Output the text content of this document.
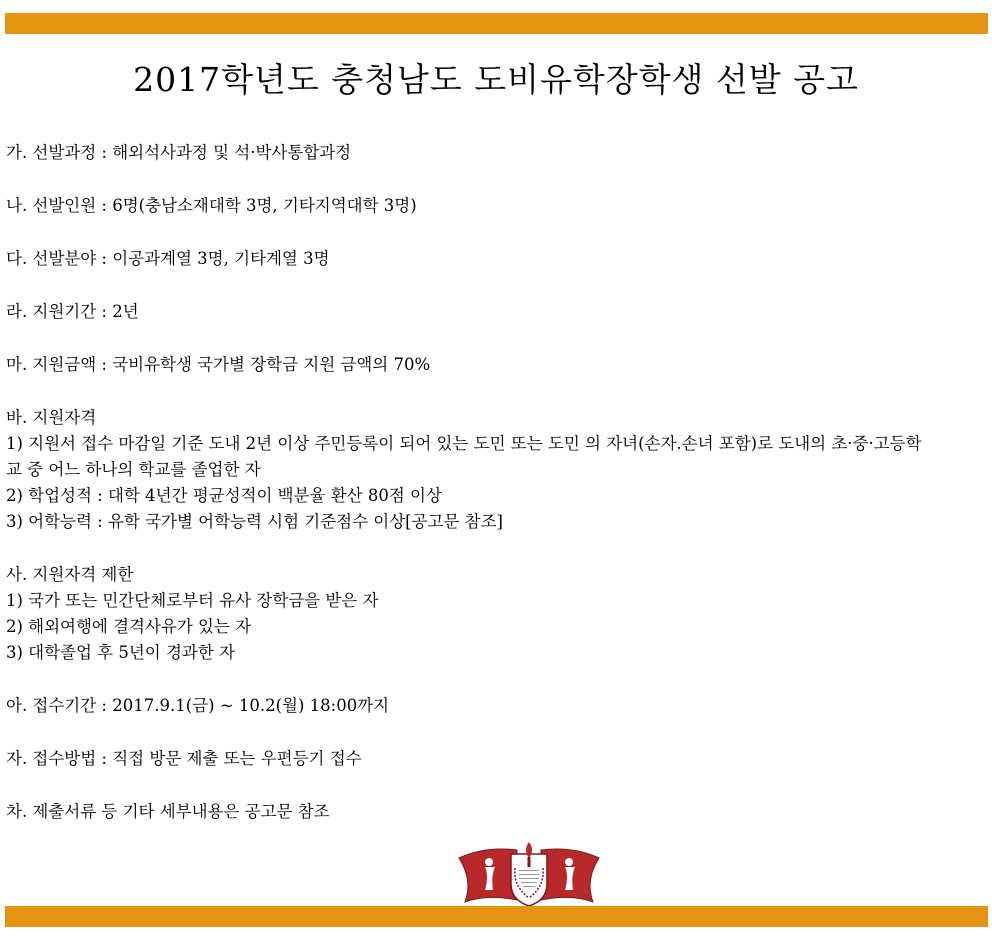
2017학년도 충청남도 도비유학장학생 선발 공고
가. 선발과정 : 해외석사과정 및 석·박사통합과정
나. 선발인원 : 6명(충남소재대학 3명, 기타지역대학 3명)
다. 선발분야 : 이공과계열 3명, 기타계열 3명
라. 지원기간 : 2년
마. 지원금액 : 국비유학생 국가별 장학금 지원 금액의 70%
바. 지원자격
1) 지원서 접수 마감일 기준 도내 2년 이상 주민등록이 되어 있는 도민 또는 도민 의 자녀(손자.손녀 포함)로 도내의 초·중·고등학
교 중 어느 하나의 학교를 졸업한 자
2) 학업성적 : 대학 4년간 평균성적이 백분율 환산 80점 이상
3) 어학능력 : 유학 국가별 어학능력 시험 기준점수 이상[공고문 참조]
사. 지원자격 제한
1) 국가 또는 민간단체로부터 유사 장학금을 받은 자
2) 해외여행에 결격사유가 있는 자
3) 대학졸업 후 5년이 경과한 자
아. 접수기간 : 2017.9.1(금) ~ 10.2(월) 18:00까지
자. 접수방법 : 직접 방문 제출 또는 우편등기 접수
차. 제출서류 등 기타 세부내용은 공고문 참조
